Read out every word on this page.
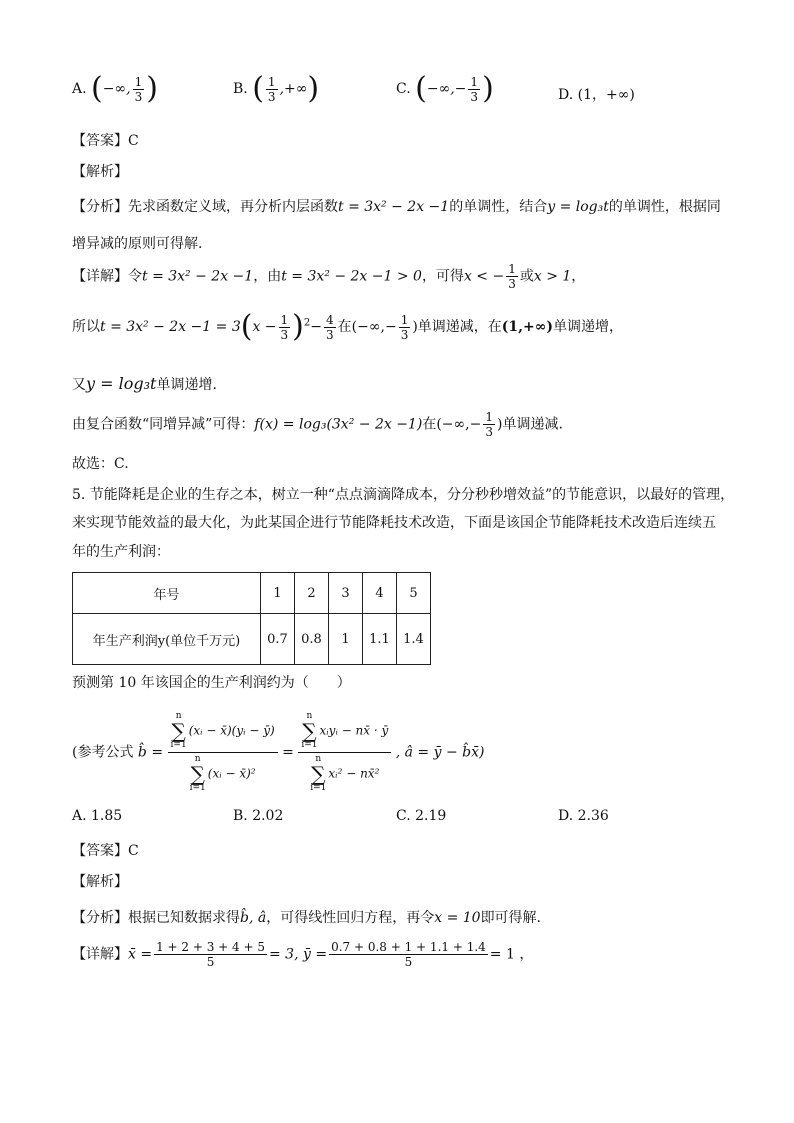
A. (−∞, $\frac{1}{3}$ )	B. ( $\frac{1}{3}$ ,+∞)	C. (−∞,− $\frac{1}{3}$ )	D. (1，+∞)
【答案】C
【解析】
【分析】先求函数定义域，再分析内层函数t = 3x² − 2x −1的单调性，结合y = log₃t的单调性，根据同
增异减的原则可得解.
【详解】令t = 3x² − 2x −1，由t = 3x² − 2x −1 > 0，可得x < − $\frac{1}{3}$ 或x > 1，
所以$t = 3x^2 - 2x -1 = 3(x - \frac{1}{3} )^2- \frac{4}{3}$ 在(−∞,− $\frac{1}{3}$ )单调递减，在(1,+∞)单调递增，
又y = log₃t单调递增.
由复合函数“同增异减”可得：f(x) = log₃(3x² − 2x −1)在(−∞,− $\frac{1}{3}$ )单调递减.
故选：C.
5. 节能降耗是企业的生存之本，树立一种“点点滴滴降成本，分分秒秒增效益”的节能意识，以最好的管理，
来实现节能效益的最大化，为此某国企进行节能降耗技术改造，下面是该国企节能降耗技术改造后连续五
年的生产利润：
年号	1	2	3	4	5
年生产利润y(单位千万元)	0.7	0.8	1	1.1	1.4
预测第 10 年该国企的生产利润约为（　　）
(参考公式 b̂ = n
∑
i=1
(xᵢ − x̄)(yᵢ − ȳ)
n
∑
i=1
(xᵢ − x̄)² = n
∑
i=1
xᵢyᵢ − nx̄ · ȳ
n
∑
i=1
xᵢ² − nx̄² , â = ȳ − b̂x̄)
A. 1.85	B. 2.02	C. 2.19	D. 2.36
【答案】C
【解析】
【分析】根据已知数据求得b̂, â，可得线性回归方程，再令x = 10即可得解.
【详解】x̄ = $\frac{1 + 2 + 3 + 4 + 5}{5} = 3$, ȳ = $\frac{0.7 + 0.8 + 1 + 1.1 + 1.4}{5} = 1$ ，
